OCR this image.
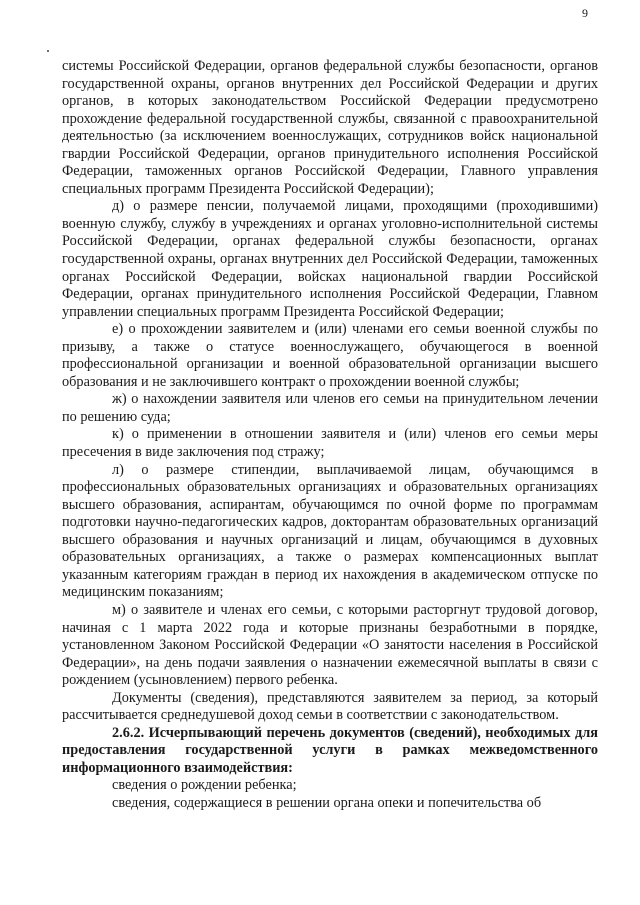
9

системы Российской Федерации, органов федеральной службы безопасности, органов государственной охраны, органов внутренних дел Российской Федерации и других органов, в которых законодательством Российской Федерации предусмотрено прохождение федеральной государственной службы, связанной с правоохранительной деятельностью (за исключением военнослужащих, сотрудников войск национальной гвардии Российской Федерации, органов принудительного исполнения Российской Федерации, таможенных органов Российской Федерации, Главного управления специальных программ Президента Российской Федерации);

д) о размере пенсии, получаемой лицами, проходящими (проходившими) военную службу, службу в учреждениях и органах уголовно-исполнительной системы Российской Федерации, органах федеральной службы безопасности, органах государственной охраны, органах внутренних дел Российской Федерации, таможенных органах Российской Федерации, войсках национальной гвардии Российской Федерации, органах принудительного исполнения Российской Федерации, Главном управлении специальных программ Президента Российской Федерации;

е) о прохождении заявителем и (или) членами его семьи военной службы по призыву, а также о статусе военнослужащего, обучающегося в военной профессиональной организации и военной образовательной организации высшего образования и не заключившего контракт о прохождении военной службы;

ж) о нахождении заявителя или членов его семьи на принудительном лечении по решению суда;

к) о применении в отношении заявителя и (или) членов его семьи меры пресечения в виде заключения под стражу;

л) о размере стипендии, выплачиваемой лицам, обучающимся в профессиональных образовательных организациях и образовательных организациях высшего образования, аспирантам, обучающимся по очной форме по программам подготовки научно-педагогических кадров, докторантам образовательных организаций высшего образования и научных организаций и лицам, обучающимся в духовных образовательных организациях, а также о размерах компенсационных выплат указанным категориям граждан в период их нахождения в академическом отпуске по медицинским показаниям;

м) о заявителе и членах его семьи, с которыми расторгнут трудовой договор, начиная с 1 марта 2022 года и которые признаны безработными в порядке, установленном Законом Российской Федерации «О занятости населения в Российской Федерации», на день подачи заявления о назначении ежемесячной выплаты в связи с рождением (усыновлением) первого ребенка.

Документы (сведения), представляются заявителем за период, за который рассчитывается среднедушевой доход семьи в соответствии с законодательством.

2.6.2. Исчерпывающий перечень документов (сведений), необходимых для предоставления государственной услуги в рамках межведомственного информационного взаимодействия:

сведения о рождении ребенка;

сведения, содержащиеся в решении органа опеки и попечительства об
